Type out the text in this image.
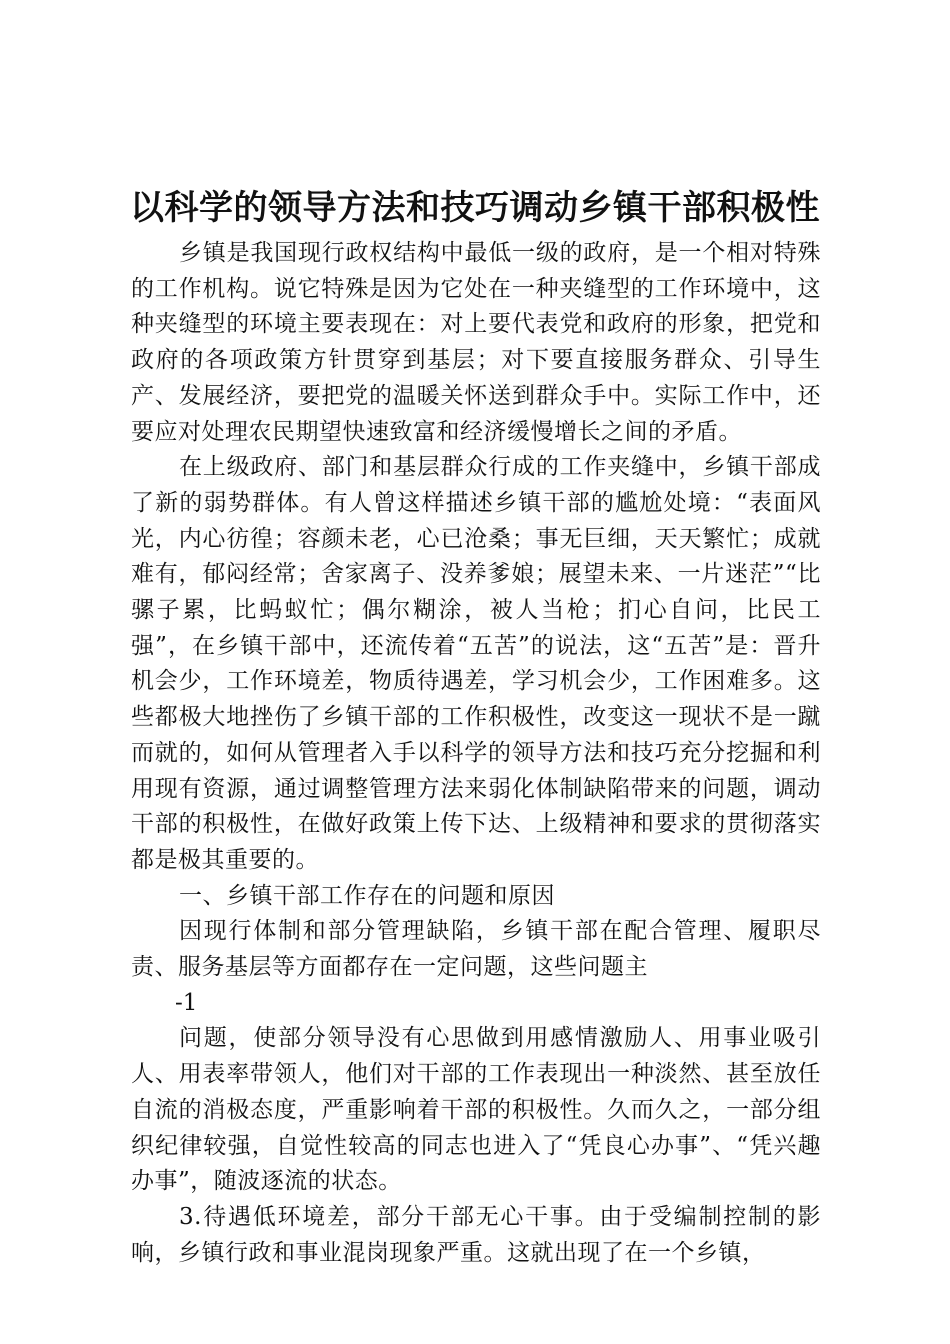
以科学的领导方法和技巧调动乡镇干部积极性

乡镇是我国现行政权结构中最低一级的政府，是一个相对特殊的工作机构。说它特殊是因为它处在一种夹缝型的工作环境中，这种夹缝型的环境主要表现在：对上要代表党和政府的形象，把党和政府的各项政策方针贯穿到基层；对下要直接服务群众、引导生产、发展经济，要把党的温暖关怀送到群众手中。实际工作中，还要应对处理农民期望快速致富和经济缓慢增长之间的矛盾。

在上级政府、部门和基层群众行成的工作夹缝中，乡镇干部成了新的弱势群体。有人曾这样描述乡镇干部的尴尬处境：“表面风光，内心彷徨；容颜未老，心已沧桑；事无巨细，天天繁忙；成就难有，郁闷经常；舍家离子、没养爹娘；展望未来、一片迷茫”“比骡子累，比蚂蚁忙；偶尔糊涂，被人当枪；扪心自问，比民工强”，在乡镇干部中，还流传着“五苦”的说法，这“五苦”是：晋升机会少，工作环境差，物质待遇差，学习机会少，工作困难多。这些都极大地挫伤了乡镇干部的工作积极性，改变这一现状不是一蹴而就的，如何从管理者入手以科学的领导方法和技巧充分挖掘和利用现有资源，通过调整管理方法来弱化体制缺陷带来的问题，调动干部的积极性，在做好政策上传下达、上级精神和要求的贯彻落实都是极其重要的。

一、乡镇干部工作存在的问题和原因

因现行体制和部分管理缺陷，乡镇干部在配合管理、履职尽责、服务基层等方面都存在一定问题，这些问题主

-1

问题，使部分领导没有心思做到用感情激励人、用事业吸引人、用表率带领人，他们对干部的工作表现出一种淡然、甚至放任自流的消极态度，严重影响着干部的积极性。久而久之，一部分组织纪律较强，自觉性较高的同志也进入了“凭良心办事”、“凭兴趣办事”，随波逐流的状态。

3.待遇低环境差，部分干部无心干事。由于受编制控制的影响，乡镇行政和事业混岗现象严重。这就出现了在一个乡镇，
